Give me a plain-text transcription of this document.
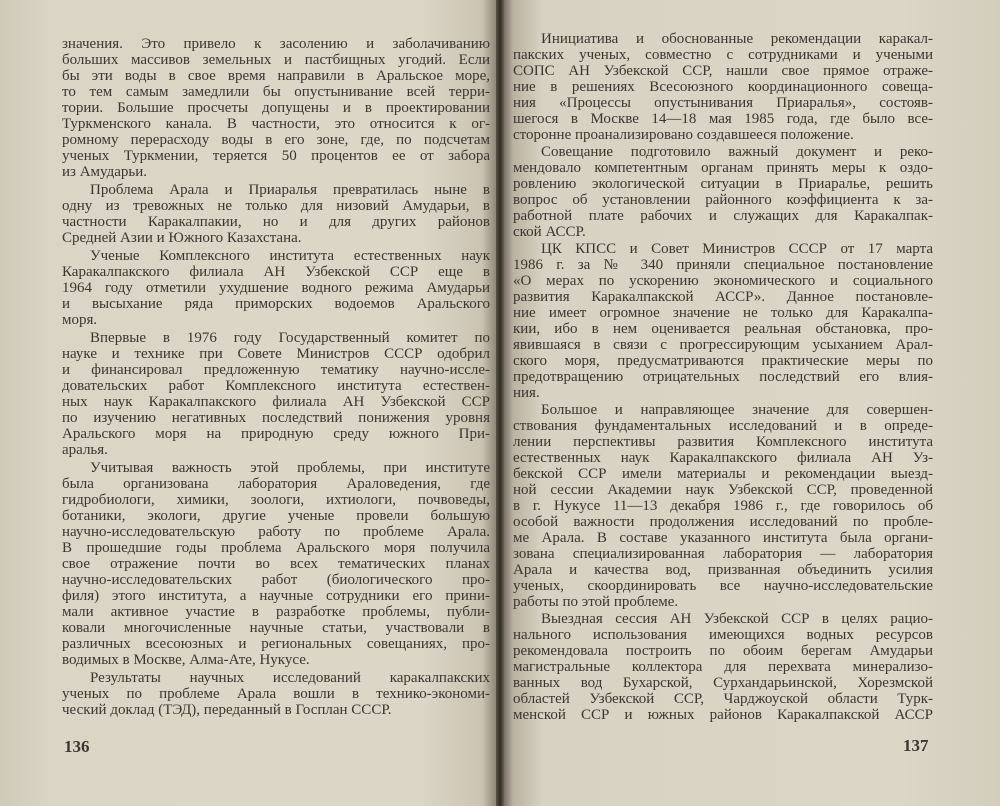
значения. Это привело к засолению и заболачиванию
больших массивов земельных и пастбищных угодий. Если
бы эти воды в свое время направили в Аральское море,
то тем самым замедлили бы опустынивание всей терри-
тории. Большие просчеты допущены и в проектировании
Туркменского канала. В частности, это относится к ог-
ромному перерасходу воды в его зоне, где, по подсчетам
ученых Туркмении, теряется 50 процентов ее от забора
из Амударьи.
Проблема Арала и Приаралья превратилась ныне в
одну из тревожных не только для низовий Амударьи, в
частности Каракалпакии, но и для других районов
Средней Азии и Южного Казахстана.
Ученые Комплексного института естественных наук
Каракалпакского филиала АН Узбекской ССР еще в
1964 году отметили ухудшение водного режима Амударьи
и высыхание ряда приморских водоемов Аральского
моря.
Впервые в 1976 году Государственный комитет по
науке и технике при Совете Министров СССР одобрил
и финансировал предложенную тематику научно-иссле-
довательских работ Комплексного института естествен-
ных наук Каракалпакского филиала АН Узбекской ССР
по изучению негативных последствий понижения уровня
Аральского моря на природную среду южного При-
аралья.
Учитывая важность этой проблемы, при институте
была организована лаборатория Араловедения, где
гидробиологи, химики, зоологи, ихтиологи, почвоведы,
ботаники, экологи, другие ученые провели большую
научно-исследовательскую работу по проблеме Арала.
В прошедшие годы проблема Аральского моря получила
свое отражение почти во всех тематических планах
научно-исследовательских работ (биологического про-
филя) этого института, а научные сотрудники его прини-
мали активное участие в разработке проблемы, публи-
ковали многочисленные научные статьи, участвовали в
различных всесоюзных и региональных совещаниях, про-
водимых в Москве, Алма-Ате, Нукусе.
Результаты научных исследований каракалпакских
ученых по проблеме Арала вошли в технико-экономи-
ческий доклад (ТЭД), переданный в Госплан СССР.
136
Инициатива и обоснованные рекомендации каракал-
пакских ученых, совместно с сотрудниками и учеными
СОПС АН Узбекской ССР, нашли свое прямое отраже-
ние в решениях Всесоюзного координационного совеща-
ния «Процессы опустынивания Приаралья», состояв-
шегося в Москве 14—18 мая 1985 года, где было все-
сторонне проанализировано создавшееся положение.
Совещание подготовило важный документ и реко-
мендовало компетентным органам принять меры к оздо-
ровлению экологической ситуации в Приаралье, решить
вопрос об установлении районного коэффициента к за-
работной плате рабочих и служащих для Каракалпак-
ской АССР.
ЦК КПСС и Совет Министров СССР от 17 марта
1986 г. за № 340 приняли специальное постановление
«О мерах по ускорению экономического и социального
развития Каракалпакской АССР». Данное постановле-
ние имеет огромное значение не только для Каракалпа-
кии, ибо в нем оценивается реальная обстановка, про-
явившаяся в связи с прогрессирующим усыханием Арал-
ского моря, предусматриваются практические меры по
предотвращению отрицательных последствий его влия-
ния.
Большое и направляющее значение для совершен-
ствования фундаментальных исследований и в опреде-
лении перспективы развития Комплексного института
естественных наук Каракалпакского филиала АН Уз-
бекской ССР имели материалы и рекомендации выезд-
ной сессии Академии наук Узбекской ССР, проведенной
в г. Нукусе 11—13 декабря 1986 г., где говорилось об
особой важности продолжения исследований по пробле-
ме Арала. В составе указанного института была органи-
зована специализированная лаборатория — лаборатория
Арала и качества вод, призванная объединить усилия
ученых, скоординировать все научно-исследовательские
работы по этой проблеме.
Выездная сессия АН Узбекской ССР в целях рацио-
нального использования имеющихся водных ресурсов
рекомендовала построить по обоим берегам Амударьи
магистральные коллектора для перехвата минерализо-
ванных вод Бухарской, Сурхандарьинской, Хорезмской
областей Узбекской ССР, Чарджоуской области Турк-
менской ССР и южных районов Каракалпакской АССР
137
